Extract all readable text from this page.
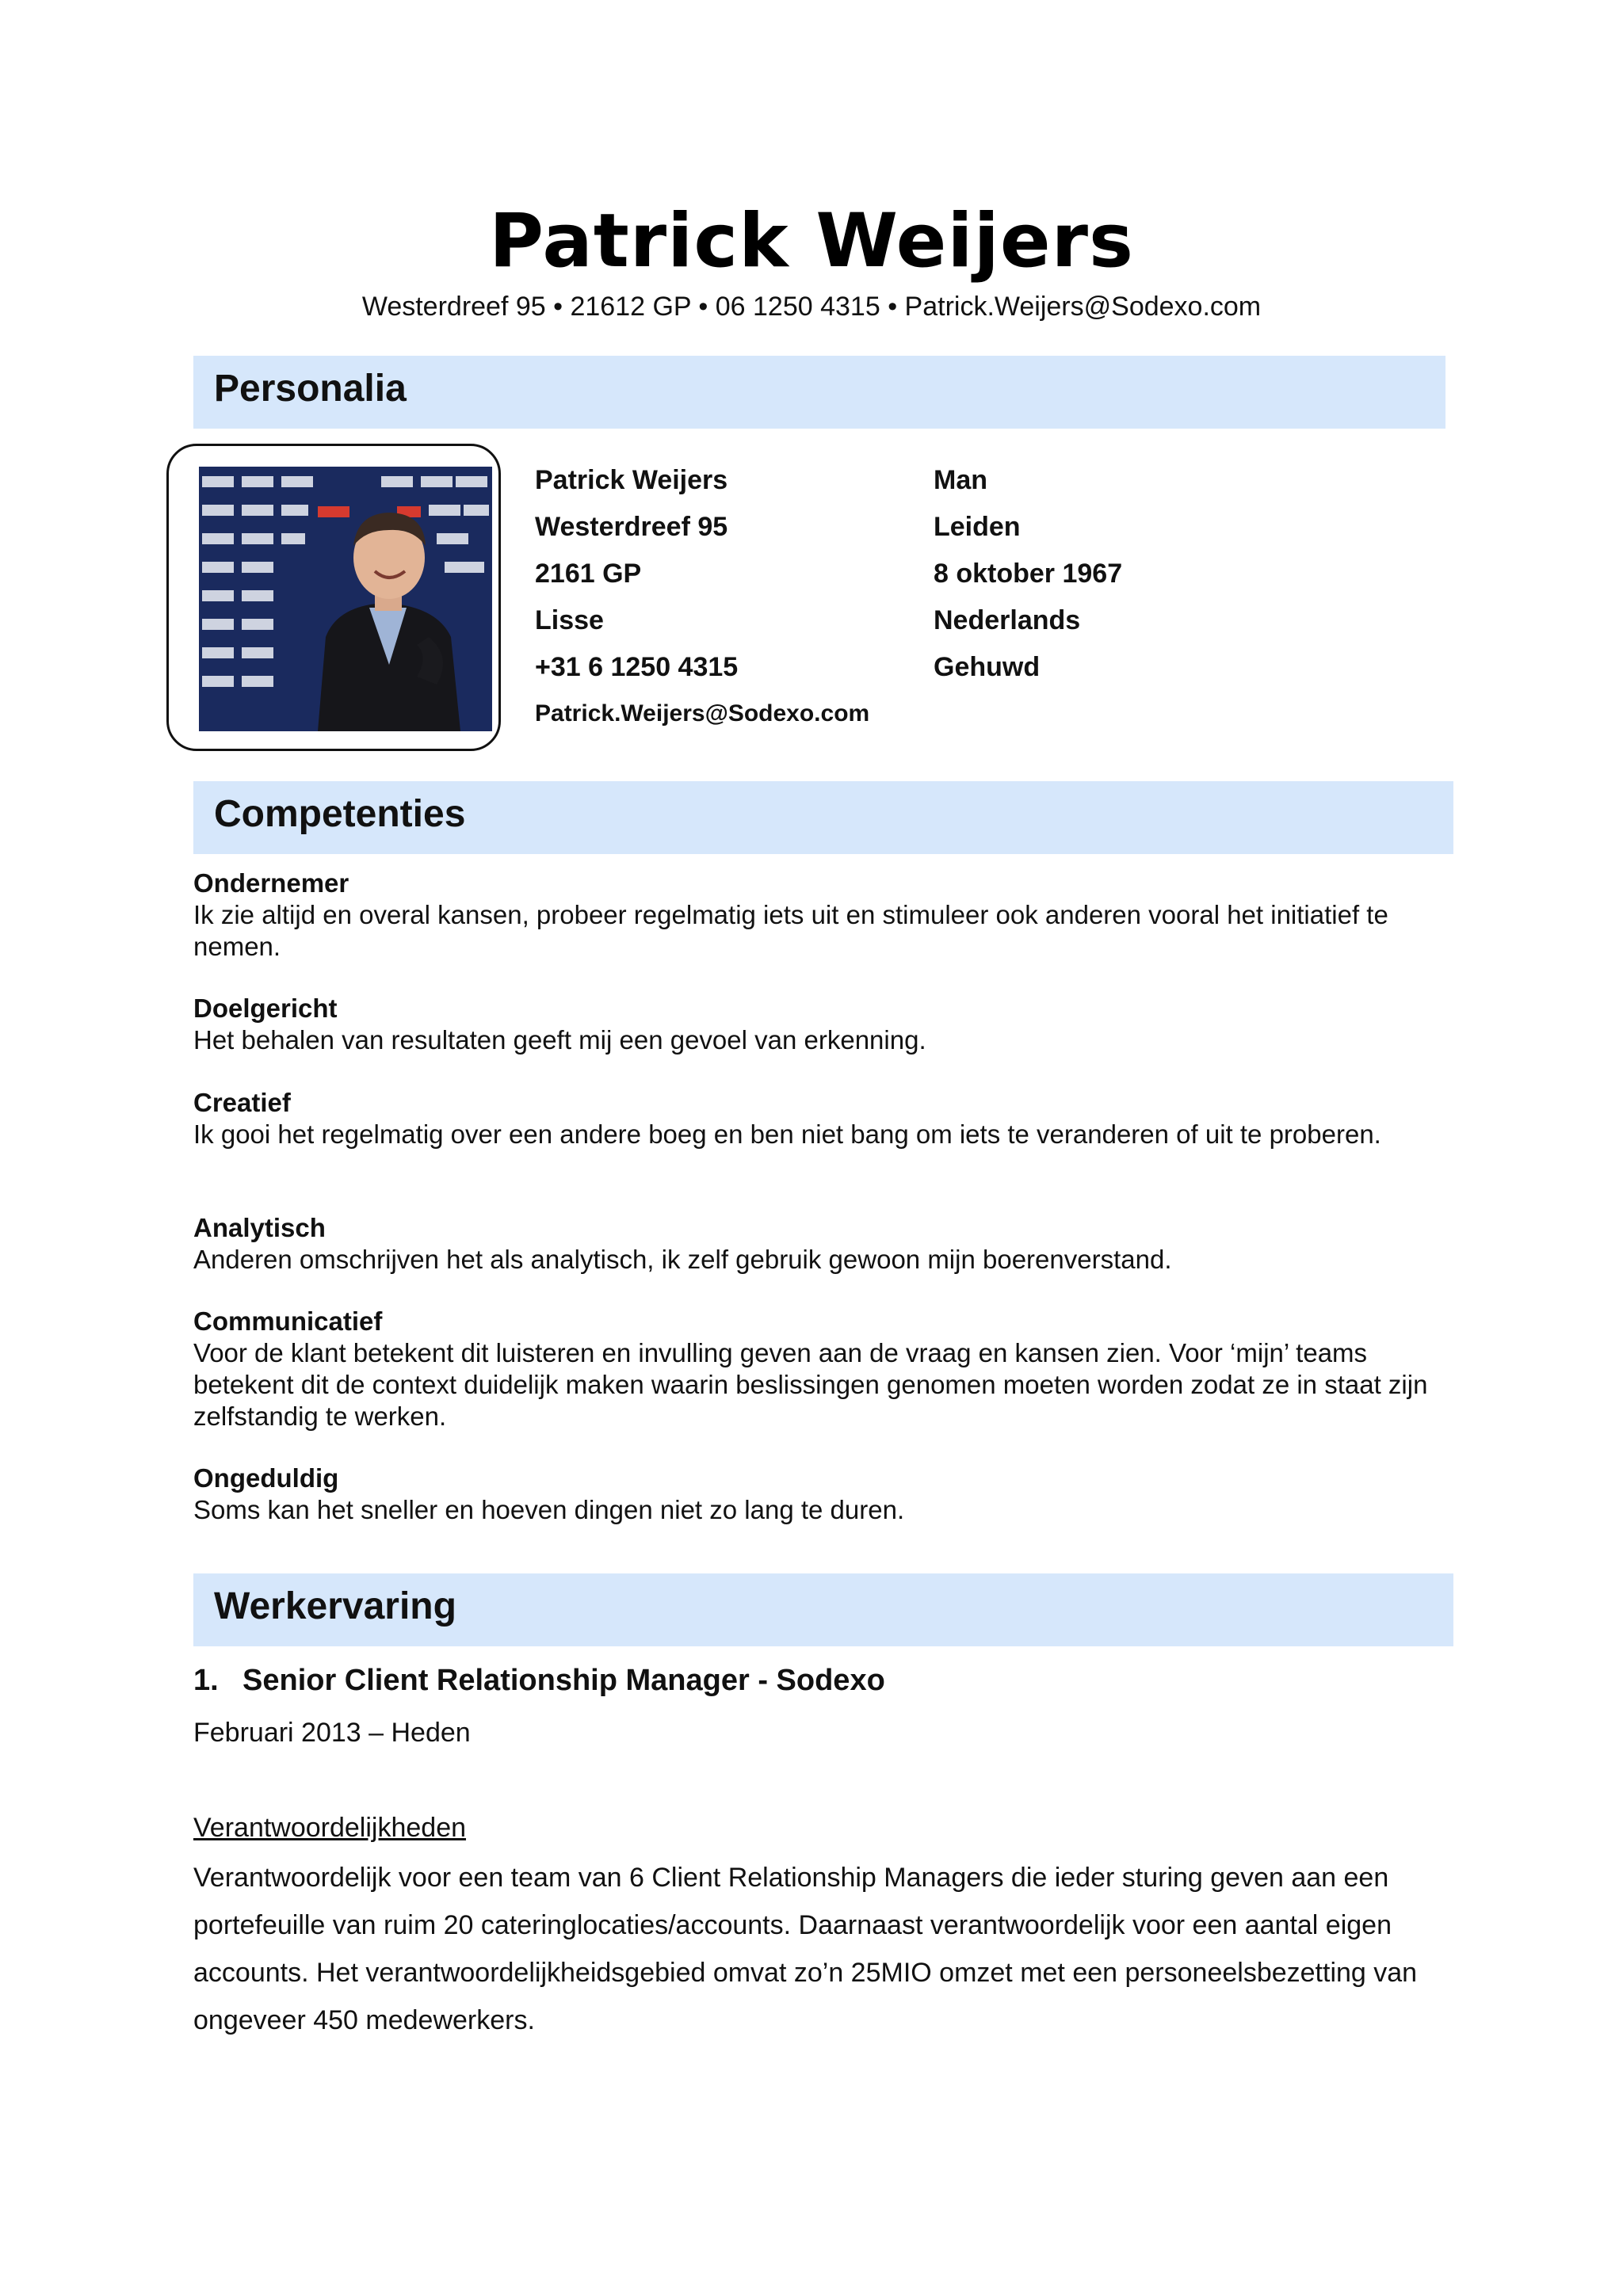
Patrick Weijers
Westerdreef 95 • 21612 GP • 06 1250 4315 • Patrick.Weijers@Sodexo.com
Personalia
Patrick Weijers
Westerdreef 95
2161 GP
Lisse
+31 6 1250 4315
Patrick.Weijers@Sodexo.com
Man
Leiden
8 oktober 1967
Nederlands
Gehuwd
Competenties
Ondernemer
Ik zie altijd en overal kansen, probeer regelmatig iets uit en stimuleer ook anderen vooral het initiatief te nemen.
Doelgericht
Het behalen van resultaten geeft mij een gevoel van erkenning.
Creatief
Ik gooi het regelmatig over een andere boeg en ben niet bang om iets te veranderen of uit te proberen.
Analytisch
Anderen omschrijven het als analytisch, ik zelf gebruik gewoon mijn boerenverstand.
Communicatief
Voor de klant betekent dit luisteren en invulling geven aan de vraag en kansen zien. Voor ‘mijn’ teams betekent dit de context duidelijk maken waarin beslissingen genomen moeten worden zodat ze in staat zijn zelfstandig te werken.
Ongeduldig
Soms kan het sneller en hoeven dingen niet zo lang te duren.
Werkervaring
1. Senior Client Relationship Manager - Sodexo
Februari 2013 – Heden
Verantwoordelijkheden
Verantwoordelijk voor een team van 6 Client Relationship Managers die ieder sturing geven aan een portefeuille van ruim 20 cateringlocaties/accounts. Daarnaast verantwoordelijk voor een aantal eigen accounts. Het verantwoordelijkheidsgebied omvat zo’n 25MIO omzet met een personeelsbezetting van ongeveer 450 medewerkers.
